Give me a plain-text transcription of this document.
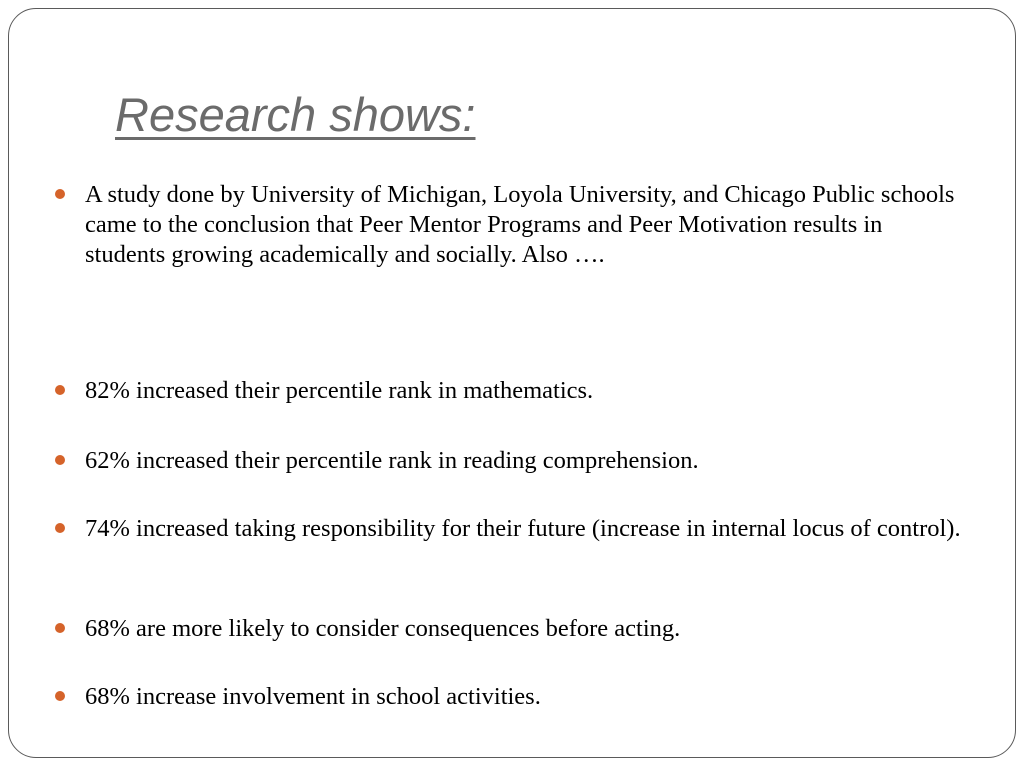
Research shows:
A study done by University of Michigan, Loyola University, and Chicago Public schools came to the conclusion that Peer Mentor Programs and Peer Motivation results in students growing academically and socially. Also ….
82% increased their percentile rank in mathematics.
62% increased their percentile rank in reading comprehension.
74% increased taking responsibility for their future (increase in internal locus of control).
68% are more likely to consider consequences before acting.
68% increase involvement in school activities.
